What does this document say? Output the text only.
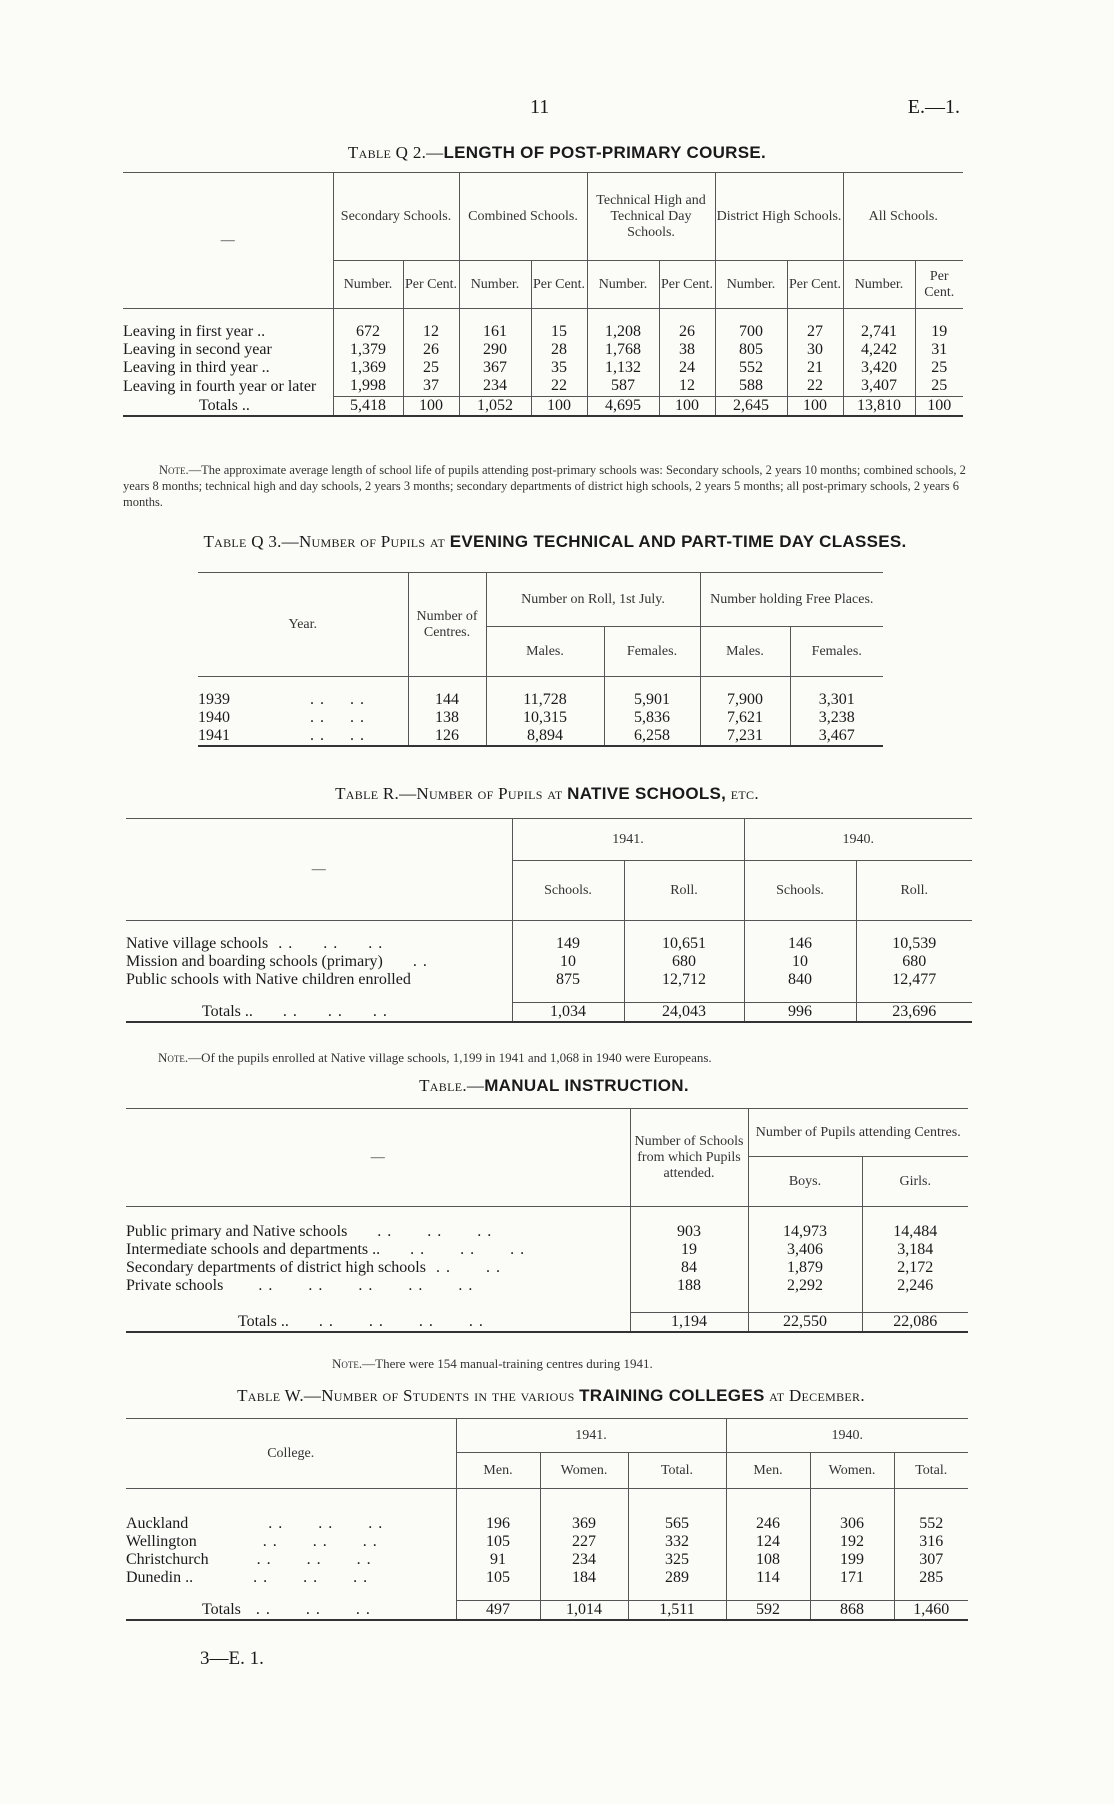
11	E.—1.
Table Q 2.—LENGTH OF POST-PRIMARY COURSE.
—	Secondary Schools.		Combined Schools.		Technical High and Technical Day Schools.		District High Schools.		All Schools.	
	Number.	Per Cent.	Number.	Per Cent.	Number.	Per Cent.	Number.	Per Cent.	Number.	Per Cent.

Leaving in first year ..	672	12	161	15	1,208	26	700	27	2,741	19
Leaving in second year	1,379	26	290	28	1,768	38	805	30	4,242	31
Leaving in third year ..	1,369	25	367	35	1,132	24	552	21	3,420	25
Leaving in fourth year or later	1,998	37	234	22	587	12	588	22	3,407	25
Totals ..	5,418	100	1,052	100	4,695	100	2,645	100	13,810	100
Note.—The approximate average length of school life of pupils attending post-primary schools was: Secondary schools, 2 years 10 months; combined schools, 2 years 8 months; technical high and day schools, 2 years 3 months; secondary departments of district high schools, 2 years 5 months; all post-primary schools, 2 years 6 months.
Table Q 3.—Number of Pupils at EVENING TECHNICAL AND PART-TIME DAY CLASSES.
Year.	Number of Centres.	Number on Roll, 1st July.		Number holding Free Places.	
		Males.	Females.	Males.	Females.

1939 . .     . .	144	11,728	5,901	7,900	3,301
1940 . .     . .	138	10,315	5,836	7,621	3,238
1941 . .     . .	126	8,894	6,258	7,231	3,467
Table R.—Number of Pupils at NATIVE SCHOOLS, etc.
—	1941.		1940.	
	Schools.	Roll.	Schools.	Roll.

Native village schools  . .      . .      . .	149	10,651	146	10,539
Mission and boarding schools (primary)      . .	10	680	10	680
Public schools with Native children enrolled	875	12,712	840	12,477

Totals ..      . .      . .      . .	1,034	24,043	996	23,696
Note.—Of the pupils enrolled at Native village schools, 1,199 in 1941 and 1,068 in 1940 were Europeans.
Table.—MANUAL INSTRUCTION.
—	Number of Schools from which Pupils attended.	Number of Pupils attending Centres.	
		Boys.	Girls.

Public primary and Native schools      . .       . .       . .	903	14,973	14,484
Intermediate schools and departments ..      . .       . .       . .	19	3,406	3,184
Secondary departments of district high schools  . .       . .	84	1,879	2,172
Private schools       . .       . .       . .       . .       . .	188	2,292	2,246

Totals ..      . .       . .       . .       . .	1,194	22,550	22,086
Note.—There were 154 manual-training centres during 1941.
Table W.—Number of Students in the various TRAINING COLLEGES at December.
College.	1941.			1940.		
	Men.	Women.	Total.	Men.	Women.	Total.

Auckland . .       . .       . .	196	369	565	246	306	552
Wellington . .       . .       . .	105	227	332	124	192	316
Christchurch . .       . .       . .	91	234	325	108	199	307
Dunedin .. . .       . .       . .	105	184	289	114	171	285

Totals   . .       . .       . .	497	1,014	1,511	592	868	1,460
3—E. 1.
